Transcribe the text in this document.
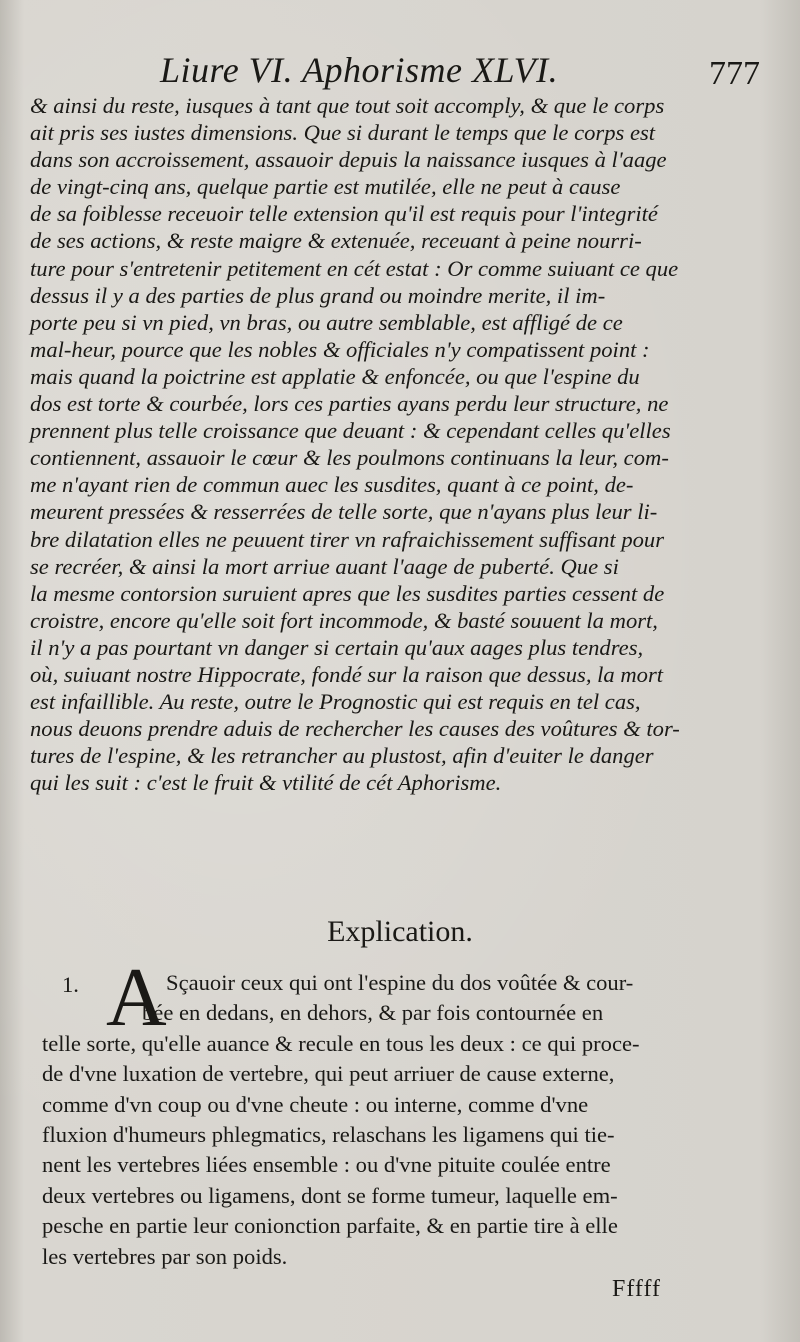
Liure VI. Aphorisme XLVI.	777
& ainsi du reste, iusques à tant que tout soit accomply, & que le corps
ait pris ses iustes dimensions. Que si durant le temps que le corps est
dans son accroissement, assauoir depuis la naissance iusques à l'aage
de vingt-cinq ans, quelque partie est mutilée, elle ne peut à cause
de sa foiblesse receuoir telle extension qu'il est requis pour l'integrité
de ses actions, & reste maigre & extenuée, receuant à peine nourri-
ture pour s'entretenir petitement en cét estat : Or comme suiuant ce que
dessus il y a des parties de plus grand ou moindre merite, il im-
porte peu si vn pied, vn bras, ou autre semblable, est affligé de ce
mal-heur, pource que les nobles & officiales n'y compatissent point :
mais quand la poictrine est applatie & enfoncée, ou que l'espine du
dos est torte & courbée, lors ces parties ayans perdu leur structure, ne
prennent plus telle croissance que deuant : & cependant celles qu'elles
contiennent, assauoir le cœur & les poulmons continuans la leur, com-
me n'ayant rien de commun auec les susdites, quant à ce point, de-
meurent pressées & resserrées de telle sorte, que n'ayans plus leur li-
bre dilatation elles ne peuuent tirer vn rafraichissement suffisant pour
se recréer, & ainsi la mort arriue auant l'aage de puberté. Que si
la mesme contorsion suruient apres que les susdites parties cessent de
croistre, encore qu'elle soit fort incommode, & basté souuent la mort,
il n'y a pas pourtant vn danger si certain qu'aux aages plus tendres,
où, suiuant nostre Hippocrate, fondé sur la raison que dessus, la mort
est infaillible. Au reste, outre le Prognostic qui est requis en tel cas,
nous deuons prendre aduis de rechercher les causes des voûtures & tor-
tures de l'espine, & les retrancher au plustost, afin d'euiter le danger
qui les suit : c'est le fruit & vtilité de cét Aphorisme.
Explication.
1. A Sçauoir ceux qui ont l'espine du dos voûtée & cour-
bée en dedans, en dehors, & par fois contournée en
telle sorte, qu'elle auance & recule en tous les deux : ce qui proce-
de d'vne luxation de vertebre, qui peut arriuer de cause externe,
comme d'vn coup ou d'vne cheute : ou interne, comme d'vne
fluxion d'humeurs phlegmatics, relaschans les ligamens qui tie-
nent les vertebres liées ensemble : ou d'vne pituite coulée entre
deux vertebres ou ligamens, dont se forme tumeur, laquelle em-
pesche en partie leur conionction parfaite, & en partie tire à elle
les vertebres par son poids.
Fffff
